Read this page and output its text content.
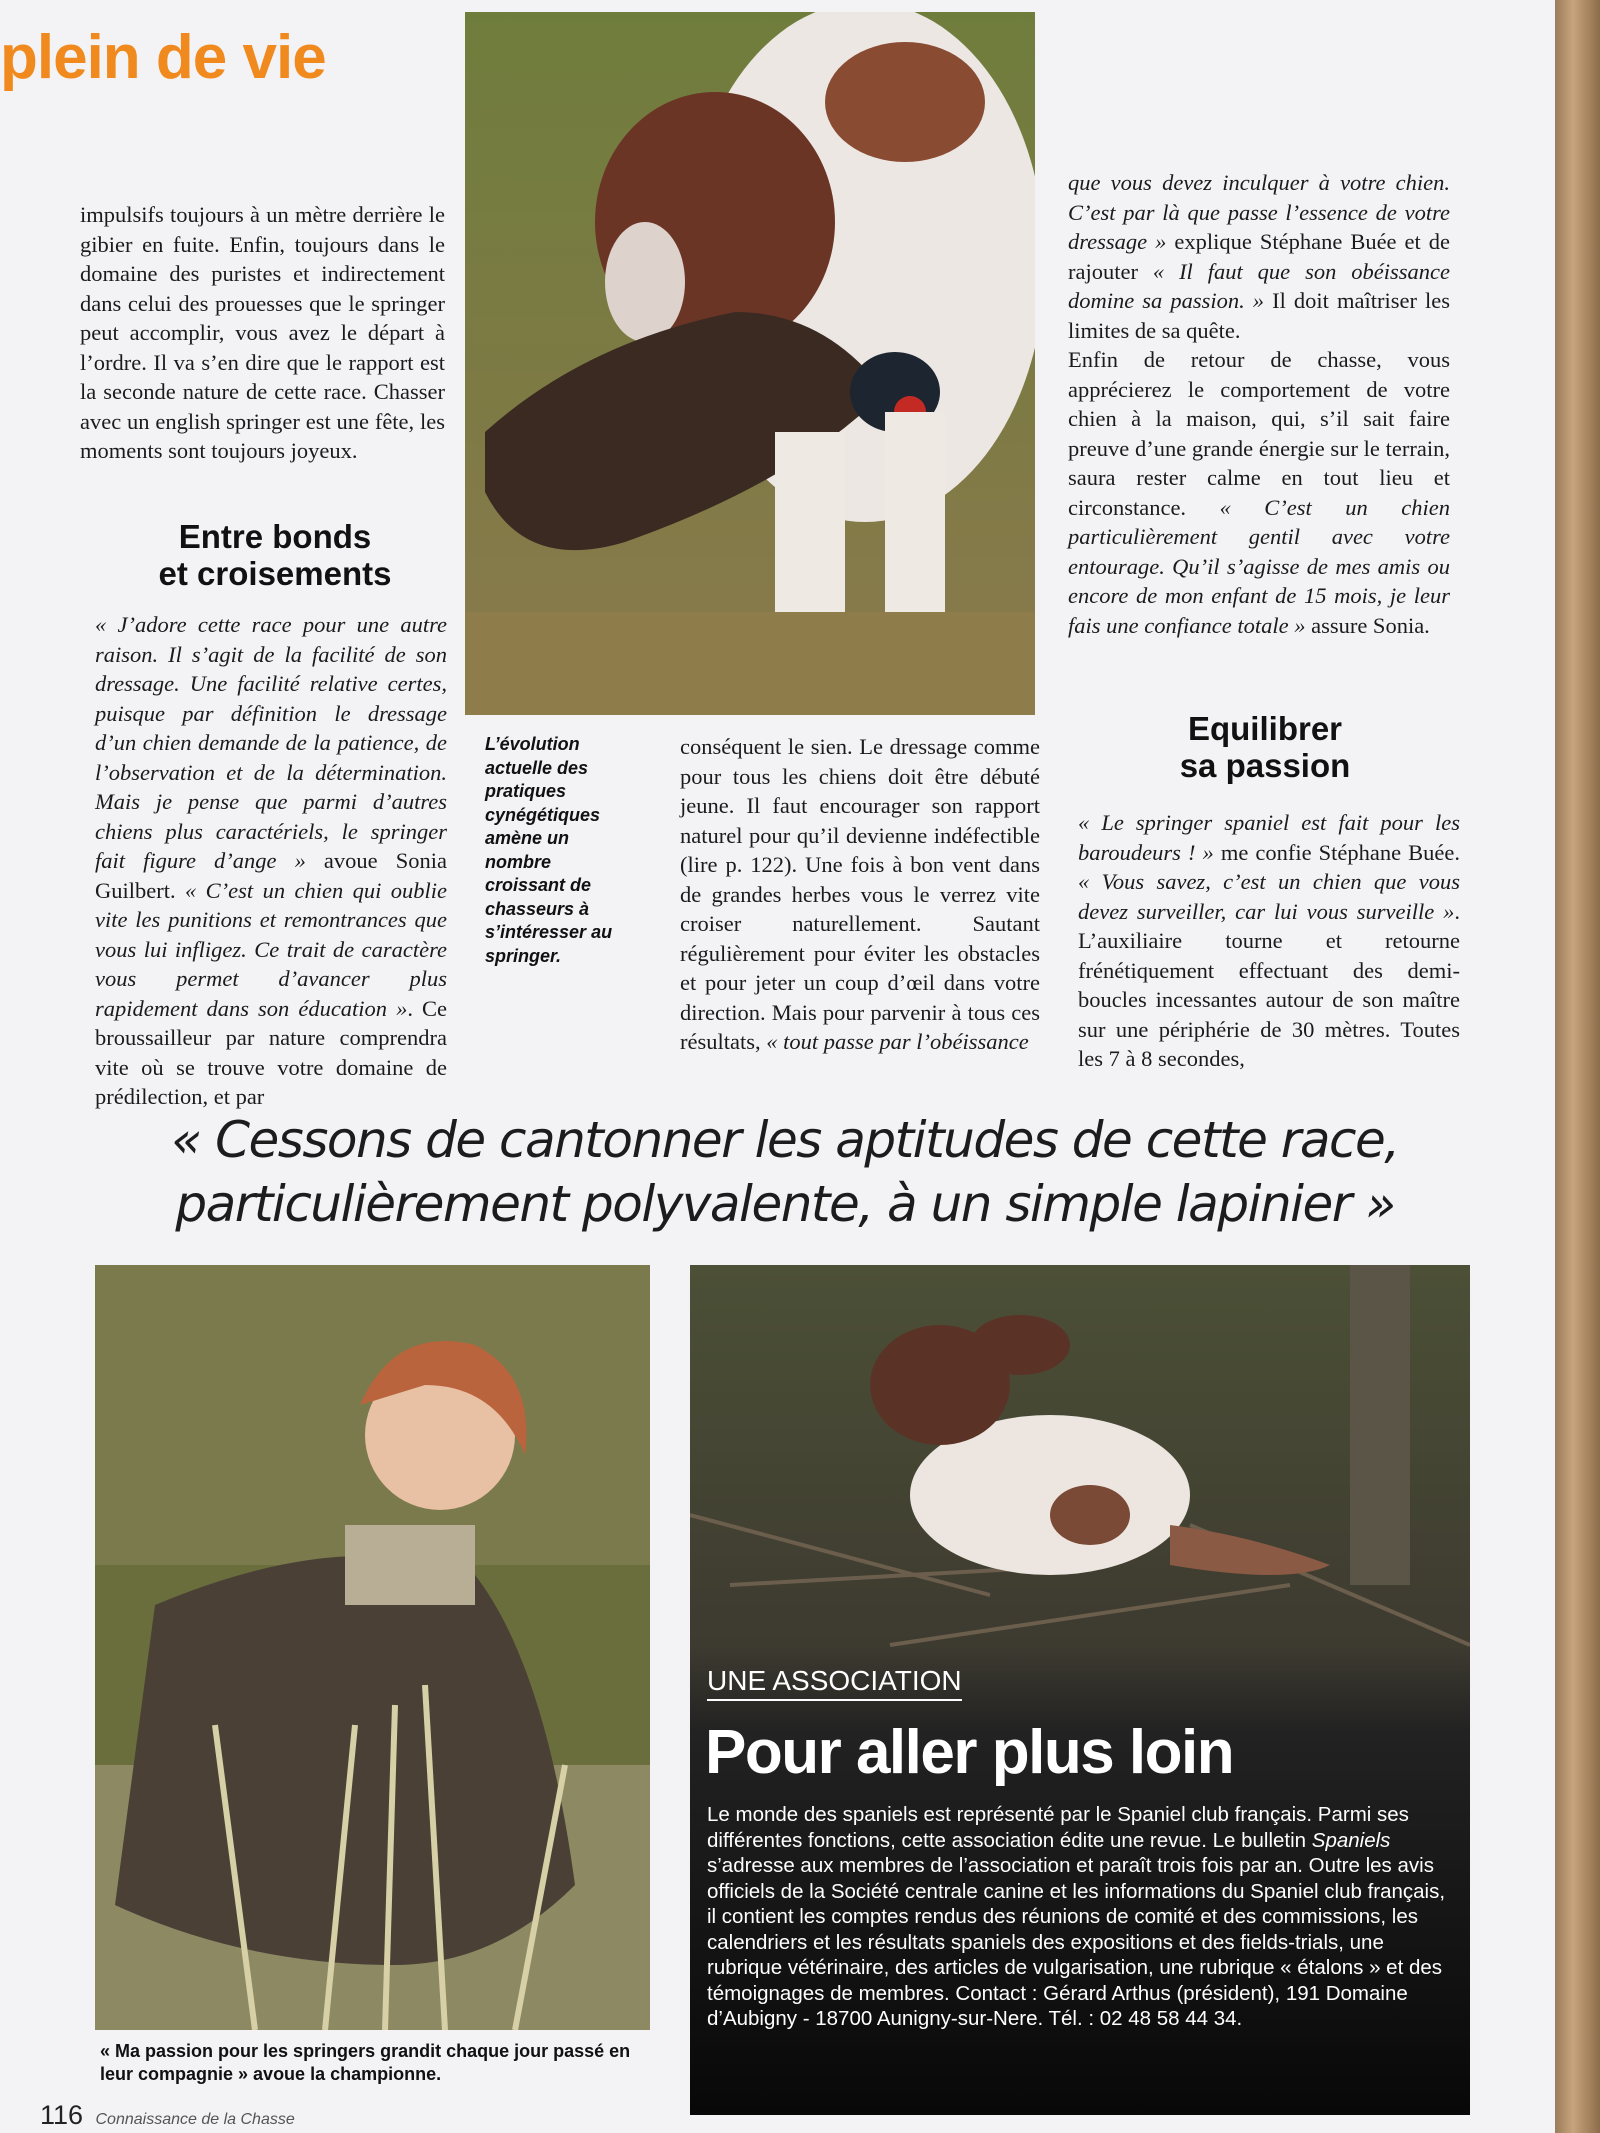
plein de vie

impulsifs toujours à un mètre derrière le gibier en fuite. Enfin, toujours dans le domaine des puristes et indirectement dans celui des prouesses que le springer peut accomplir, vous avez le départ à l’ordre. Il va s’en dire que le rapport est la seconde nature de cette race. Chasser avec un english springer est une fête, les moments sont toujours joyeux.

Entre bonds
et croisements

« J’adore cette race pour une autre raison. Il s’agit de la facilité de son dressage. Une facilité relative certes, puisque par définition le dressage d’un chien demande de la patience, de l’observation et de la détermination. Mais je pense que parmi d’autres chiens plus caractériels, le springer fait figure d’ange » avoue Sonia Guilbert. « C’est un chien qui oublie vite les punitions et remontrances que vous lui infligez. Ce trait de caractère vous permet d’avancer plus rapidement dans son éducation ». Ce broussailleur par nature comprendra vite où se trouve votre domaine de prédilection, et par

L’évolution actuelle des pratiques cynégétiques amène un nombre croissant de chasseurs à s’intéresser au springer.

conséquent le sien. Le dressage comme pour tous les chiens doit être débuté jeune. Il faut encourager son rapport naturel pour qu’il devienne indéfectible (lire p. 122). Une fois à bon vent dans de grandes herbes vous le verrez vite croiser naturellement. Sautant régulièrement pour éviter les obstacles et pour jeter un coup d’œil dans votre direction. Mais pour parvenir à tous ces résultats, « tout passe par l’obéissance

que vous devez inculquer à votre chien. C’est par là que passe l’essence de votre dressage » explique Stéphane Buée et de rajouter « Il faut que son obéissance domine sa passion. » Il doit maîtriser les limites de sa quête.

Enfin de retour de chasse, vous apprécierez le comportement de votre chien à la maison, qui, s’il sait faire preuve d’une grande énergie sur le terrain, saura rester calme en tout lieu et circonstance. « C’est un chien particulièrement gentil avec votre entourage. Qu’il s’agisse de mes amis ou encore de mon enfant de 15 mois, je leur fais une confiance totale » assure Sonia.

Equilibrer
sa passion

« Le springer spaniel est fait pour les baroudeurs ! » me confie Stéphane Buée. « Vous savez, c’est un chien que vous devez surveiller, car lui vous surveille ». L’auxiliaire tourne et retourne frénétiquement effectuant des demi-boucles incessantes autour de son maître sur une périphérie de 30 mètres. Toutes les 7 à 8 secondes,

« Cessons de cantonner les aptitudes de cette race,
particulièrement polyvalente, à un simple lapinier »
« Ma passion pour les springers grandit chaque jour passé en leur compagnie » avoue la championne.
UNE ASSOCIATION
Pour aller plus loin
Le monde des spaniels est représenté par le Spaniel club français. Parmi ses différentes fonctions, cette association édite une revue. Le bulletin Spaniels s’adresse aux membres de l’association et paraît trois fois par an. Outre les avis officiels de la Société centrale canine et les informations du Spaniel club français, il contient les comptes rendus des réunions de comité et des commissions, les calendriers et les résultats spaniels des expositions et des fields-trials, une rubrique vétérinaire, des articles de vulgarisation, une rubrique « étalons » et des témoignages de membres. Contact : Gérard Arthus (président), 191 Domaine d’Aubigny - 18700 Aunigny-sur-Nere. Tél. : 02 48 58 44 34.
116 Connaissance de la Chasse
